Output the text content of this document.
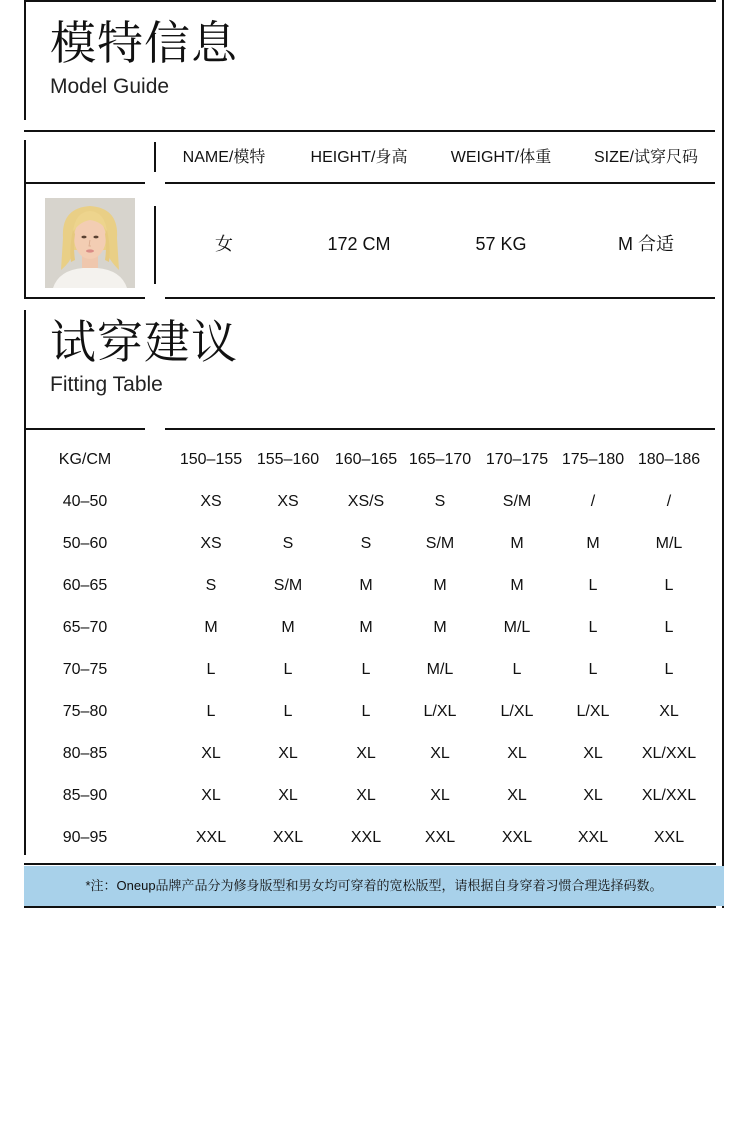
模特信息
Model Guide
NAME/模特	HEIGHT/身高	WEIGHT/体重	SIZE/试穿尺码
女	172 CM	57 KG	M 合适
试穿建议
Fitting Table
KG/CM	150–155 155–160 160–165 165–170 170–175 175–180 180–186
40–50	XS	XS	XS/S	S	S/M	/	/
50–60	XS	S	S	S/M	M	M	M/L
60–65	S	S/M	M	M	M	L	L
65–70	M	M	M	M	M/L	L	L
70–75	L	L	L	M/L	L	L	L
75–80	L	L	L	L/XL	L/XL	L/XL	XL
80–85	XL	XL	XL	XL	XL	XL	XL/XXL
85–90	XL	XL	XL	XL	XL	XL	XL/XXL
90–95	XXL	XXL	XXL	XXL	XXL	XXL	XXL
*注：Oneup品牌产品分为修身版型和男女均可穿着的宽松版型，请根据自身穿着习惯合理选择码数。
